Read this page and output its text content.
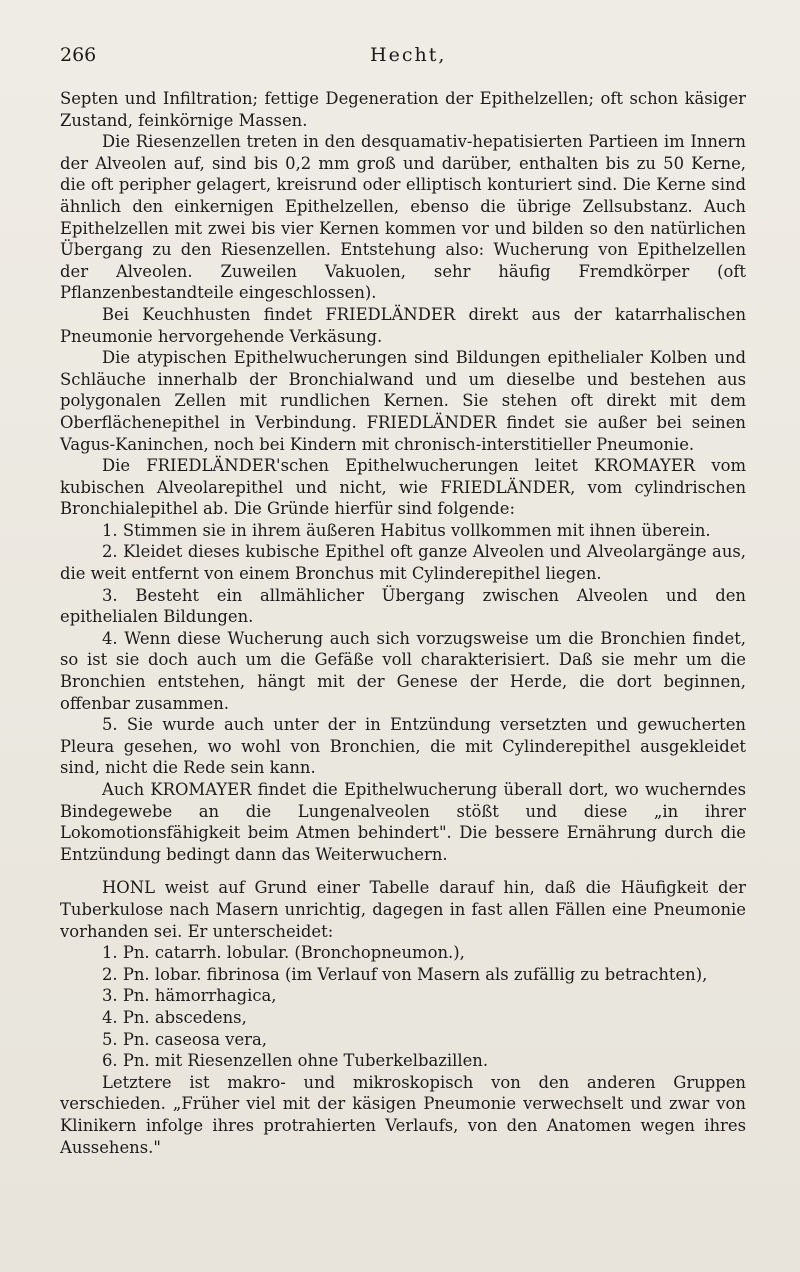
266	Hecht,

Septen und Infiltration; fettige Degeneration der Epithelzellen; oft schon käsiger Zustand, feinkörnige Massen.

Die Riesenzellen treten in den desquamativ-hepatisierten Partieen im Innern der Alveolen auf, sind bis 0,2 mm groß und darüber, enthalten bis zu 50 Kerne, die oft peripher gelagert, kreisrund oder elliptisch konturiert sind. Die Kerne sind ähnlich den einkernigen Epithelzellen, ebenso die übrige Zellsubstanz. Auch Epithelzellen mit zwei bis vier Kernen kommen vor und bilden so den natürlichen Übergang zu den Riesenzellen. Entstehung also: Wucherung von Epithelzellen der Alveolen. Zuweilen Vakuolen, sehr häufig Fremdkörper (oft Pflanzenbestandteile eingeschlossen).

Bei Keuchhusten findet FRIEDLÄNDER direkt aus der katarrhalischen Pneumonie hervorgehende Verkäsung.

Die atypischen Epithelwucherungen sind Bildungen epithelialer Kolben und Schläuche innerhalb der Bronchialwand und um dieselbe und bestehen aus polygonalen Zellen mit rundlichen Kernen. Sie stehen oft direkt mit dem Oberflächenepithel in Verbindung. FRIEDLÄNDER findet sie außer bei seinen Vagus-Kaninchen, noch bei Kindern mit chronisch-interstitieller Pneumonie.

Die FRIEDLÄNDER'schen Epithelwucherungen leitet KROMAYER vom kubischen Alveolarepithel und nicht, wie FRIEDLÄNDER, vom cylindrischen Bronchialepithel ab. Die Gründe hierfür sind folgende:

1. Stimmen sie in ihrem äußeren Habitus vollkommen mit ihnen überein.

2. Kleidet dieses kubische Epithel oft ganze Alveolen und Alveolargänge aus, die weit entfernt von einem Bronchus mit Cylinderepithel liegen.

3. Besteht ein allmählicher Übergang zwischen Alveolen und den epithelialen Bildungen.

4. Wenn diese Wucherung auch sich vorzugsweise um die Bronchien findet, so ist sie doch auch um die Gefäße voll charakterisiert. Daß sie mehr um die Bronchien entstehen, hängt mit der Genese der Herde, die dort beginnen, offenbar zusammen.

5. Sie wurde auch unter der in Entzündung versetzten und gewucherten Pleura gesehen, wo wohl von Bronchien, die mit Cylinderepithel ausgekleidet sind, nicht die Rede sein kann.

Auch KROMAYER findet die Epithelwucherung überall dort, wo wucherndes Bindegewebe an die Lungenalveolen stößt und diese „in ihrer Lokomotionsfähigkeit beim Atmen behindert". Die bessere Ernährung durch die Entzündung bedingt dann das Weiterwuchern.

HONL weist auf Grund einer Tabelle darauf hin, daß die Häufigkeit der Tuberkulose nach Masern unrichtig, dagegen in fast allen Fällen eine Pneumonie vorhanden sei. Er unterscheidet:

1. Pn. catarrh. lobular. (Bronchopneumon.),

2. Pn. lobar. fibrinosa (im Verlauf von Masern als zufällig zu betrachten),

3. Pn. hämorrhagica,

4. Pn. abscedens,

5. Pn. caseosa vera,

6. Pn. mit Riesenzellen ohne Tuberkelbazillen.

Letztere ist makro- und mikroskopisch von den anderen Gruppen verschieden. „Früher viel mit der käsigen Pneumonie verwechselt und zwar von Klinikern infolge ihres protrahierten Verlaufs, von den Anatomen wegen ihres Aussehens."
